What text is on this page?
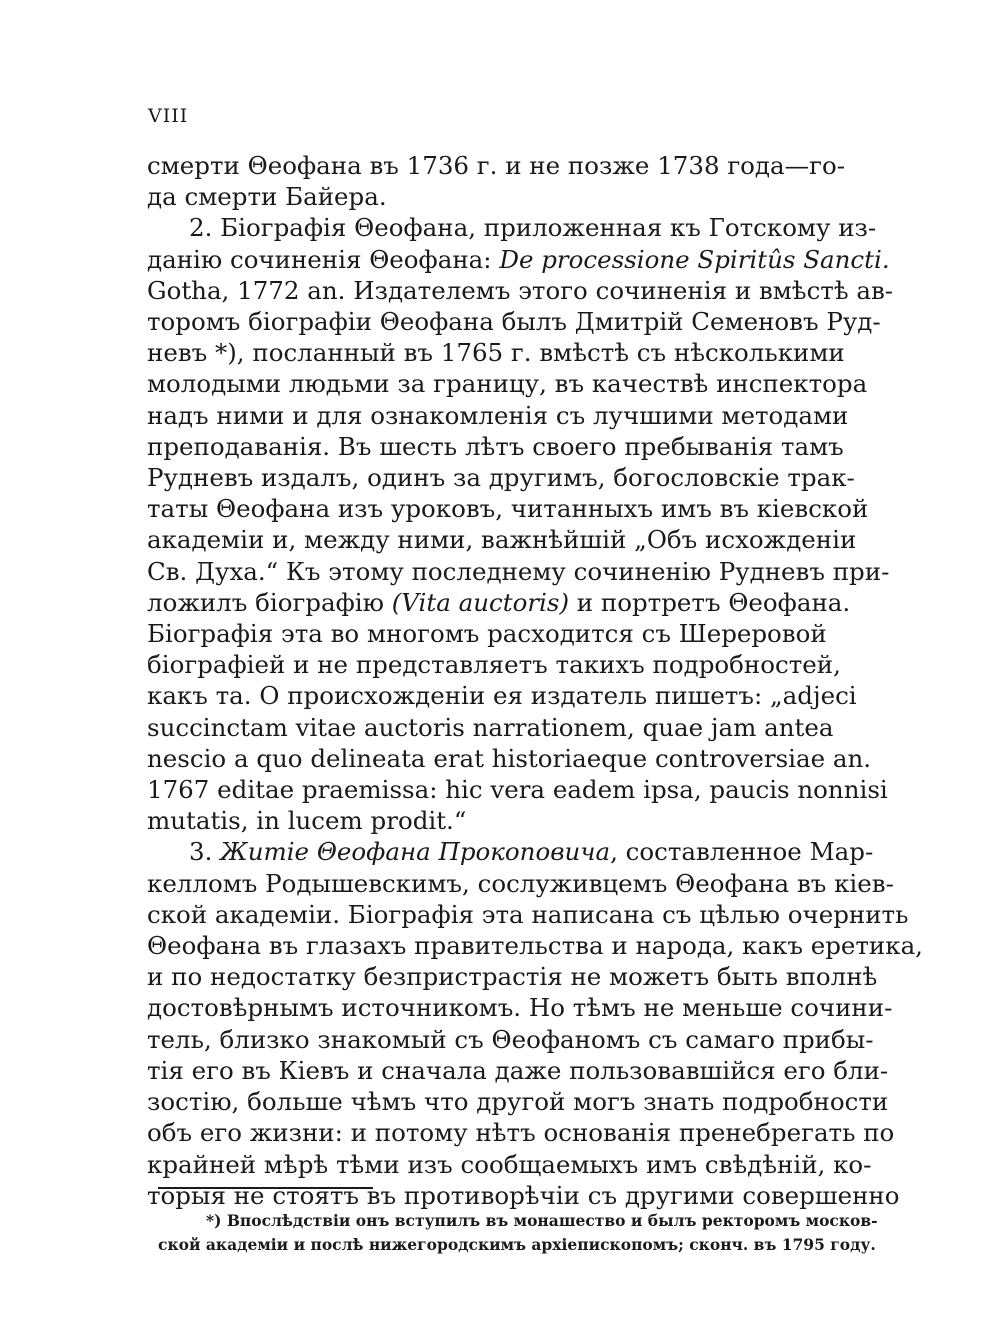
VIII
смерти Θеофана въ 1736 г. и не позже 1738 года—го-
да смерти Байера.
2. Біографія Θеофана, приложенная къ Готскому из-
данію сочиненія Θеофана: De processione Spiritûs Sancti.
Gotha, 1772 an. Издателемъ этого сочиненія и вмѣстѣ ав-
торомъ біографіи Θеофана былъ Дмитрій Семеновъ Руд-
невъ *), посланный въ 1765 г. вмѣстѣ съ нѣсколькими
молодыми людьми за границу, въ качествѣ инспектора
надъ ними и для ознакомленія съ лучшими методами
преподаванія. Въ шесть лѣтъ своего пребыванія тамъ
Рудневъ издалъ, одинъ за другимъ, богословскіе трак-
таты Θеофана изъ уроковъ, читанныхъ имъ въ кіевской
академіи и, между ними, важнѣйшій „Объ исхожденіи
Св. Духа.“ Къ этому последнему сочиненію Рудневъ при-
ложилъ біографію (Vita auctoris) и портретъ Θеофана.
Біографія эта во многомъ расходится съ Шереровой
біографіей и не представляетъ такихъ подробностей,
какъ та. О происхожденіи ея издатель пишетъ: „adjeci
succinctam vitae auctoris narrationem, quae jam antea
nescio a quo delineata erat historiaeque controversiae an.
1767 editae praemissa: hic vera eadem ipsa, paucis nonnisi
mutatis, in lucem prodit.“
3. Житіе Θеофана Прокоповича, составленное Мар-
келломъ Родышевскимъ, сослуживцемъ Θеофана въ кіев-
ской академіи. Біографія эта написана съ цѣлью очернить
Θеофана въ глазахъ правительства и народа, какъ еретика,
и по недостатку безпристрастія не можетъ быть вполнѣ
достовѣрнымъ источникомъ. Но тѣмъ не меньше сочини-
тель, близко знакомый съ Θеофаномъ съ самаго прибы-
тія его въ Кіевъ и сначала даже пользовавшійся его бли-
зостію, больше чѣмъ что другой могъ знать подробности
объ его жизни: и потому нѣтъ основанія пренебрегать по
крайней мѣрѣ тѣми изъ сообщаемыхъ имъ свѣдѣній, ко-
торыя не стоятъ въ противорѣчіи съ другими совершенно
*) Впослѣдствіи онъ вступилъ въ монашество и былъ ректоромъ москов-
ской академіи и послѣ нижегородскимъ архіепископомъ; сконч. въ 1795 году.
